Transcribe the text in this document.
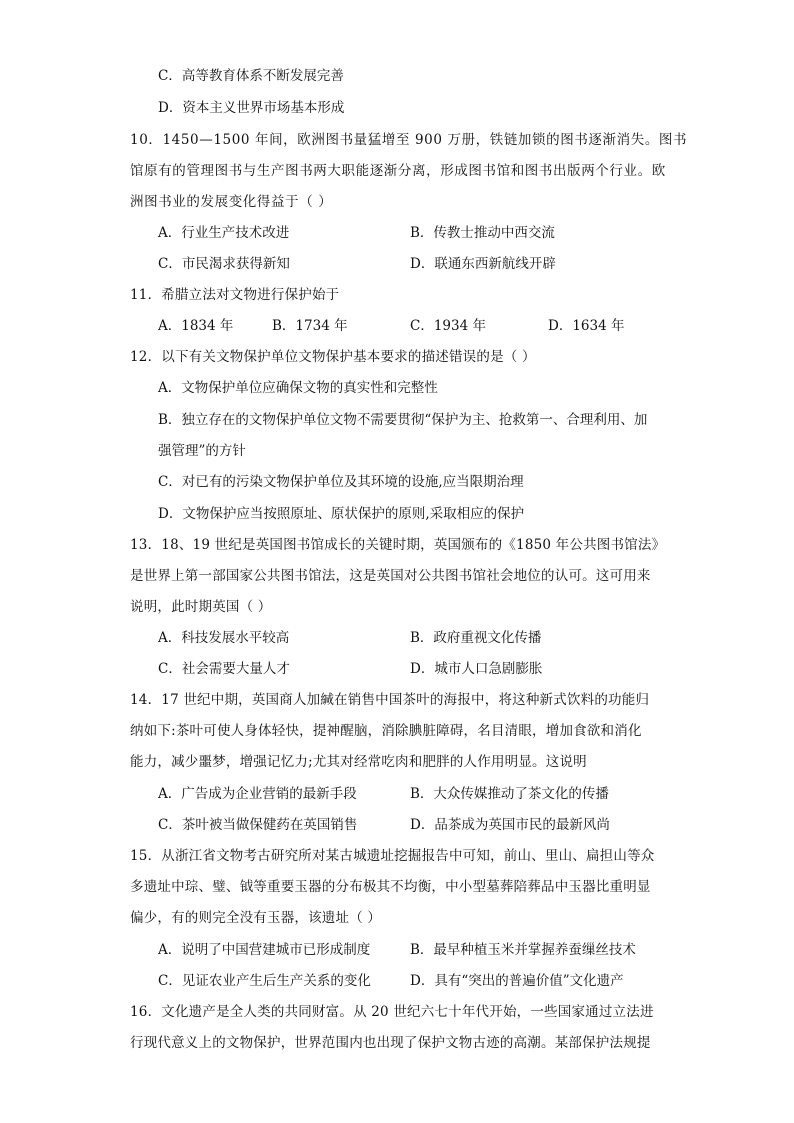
C．高等教育体系不断发展完善
D．资本主义世界市场基本形成
10．1450—1500 年间，欧洲图书量猛增至 900 万册，铁链加锁的图书逐渐消失。图书
馆原有的管理图书与生产图书两大职能逐渐分离，形成图书馆和图书出版两个行业。欧
洲图书业的发展变化得益于（ ）
A．行业生产技术改进	B．传教士推动中西交流
C．市民渴求获得新知	D．联通东西新航线开辟
11．希腊立法对文物进行保护始于
A．1834 年	B．1734 年	C．1934 年	D．1634 年
12．以下有关文物保护单位文物保护基本要求的描述错误的是（ ）
A．文物保护单位应确保文物的真实性和完整性
B．独立存在的文物保护单位文物不需要贯彻“保护为主、抢救第一、合理利用、加
强管理”的方针
C．对已有的污染文物保护单位及其环境的设施,应当限期治理
D．文物保护应当按照原址、原状保护的原则,采取相应的保护
13．18、19 世纪是英国图书馆成长的关键时期，英国颁布的《1850 年公共图书馆法》
是世界上第一部国家公共图书馆法，这是英国对公共图书馆社会地位的认可。这可用来
说明，此时期英国（ ）
A．科技发展水平较高	B．政府重视文化传播
C．社会需要大量人才	D．城市人口急剧膨胀
14．17 世纪中期，英国商人加緘在销售中国茶叶的海报中，将这种新式饮料的功能归
纳如下:茶叶可使人身体轻快，提神醒脑，消除腆脏障碍，名目清眼，增加食欲和消化
能力，减少噩梦，增强记忆力;尤其对经常吃肉和肥胖的人作用明显。这说明
A．广告成为企业营销的最新手段	B．大众传媒推动了茶文化的传播
C．茶叶被当做保健药在英国销售	D．品茶成为英国市民的最新风尚
15．从浙江省文物考古研究所对某古城遗址挖掘报告中可知，前山、里山、扁担山等众
多遗址中琮、璧、钺等重要玉器的分布极其不均衡，中小型墓葬陪葬品中玉器比重明显
偏少，有的则完全没有玉器，该遗址（ ）
A．说明了中国营建城市已形成制度	B．最早种植玉米并掌握养蚕缫丝技术
C．见证农业产生后生产关系的变化	D．具有“突出的普遍价值”文化遗产
16．文化遗产是全人类的共同财富。从 20 世纪六七十年代开始，一些国家通过立法进
行现代意义上的文物保护，世界范围内也出现了保护文物古迹的高潮。某部保护法规提
